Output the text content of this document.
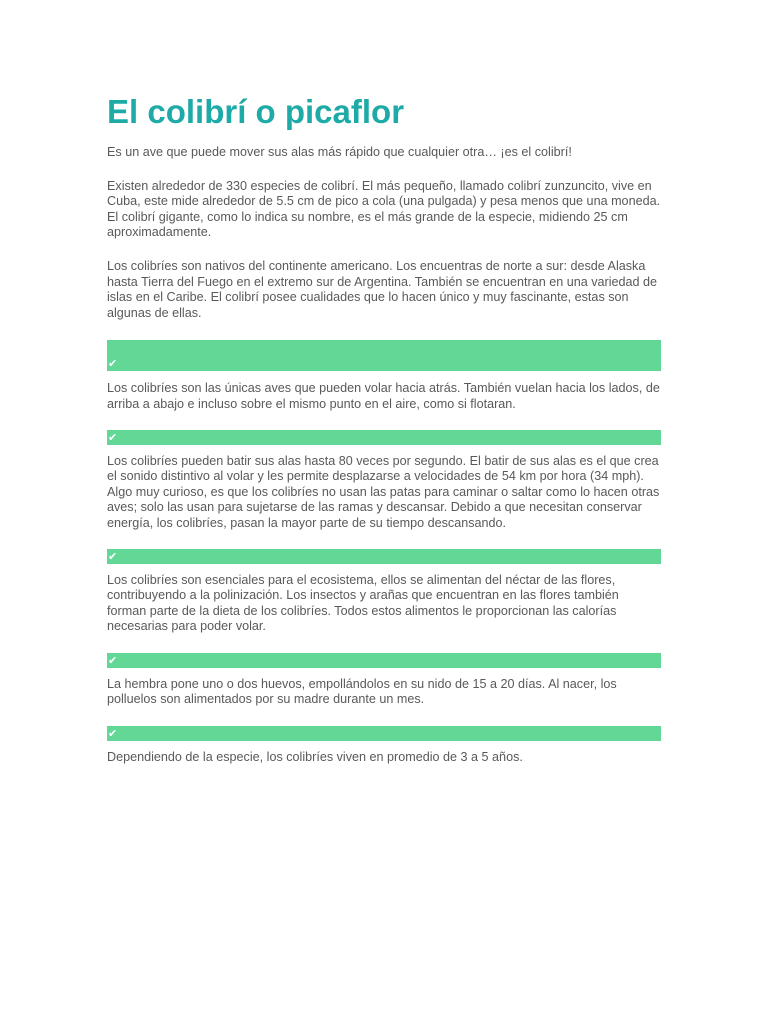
El colibrí o picaflor

Es un ave que puede mover sus alas más rápido que cualquier otra… ¡es el colibrí!

Existen alrededor de 330 especies de colibrí. El más pequeño, llamado colibrí zunzuncito, vive en Cuba, este mide alrededor de 5.5 cm de pico a cola (una pulgada) y pesa menos que una moneda. El colibrí gigante, como lo indica su nombre, es el más grande de la especie, midiendo 25 cm aproximadamente.

Los colibríes son nativos del continente americano. Los encuentras de norte a sur: desde Alaska hasta Tierra del Fuego en el extremo sur de Argentina. También se encuentran en una variedad de islas en el Caribe. El colibrí posee cualidades que lo hacen único y muy fascinante, estas son algunas de ellas.

✔

Los colibríes son las únicas aves que pueden volar hacia atrás. También vuelan hacia los lados, de arriba a abajo e incluso sobre el mismo punto en el aire, como si flotaran.

✔

Los colibríes pueden batir sus alas hasta 80 veces por segundo. El batir de sus alas es el que crea el sonido distintivo al volar y les permite desplazarse a velocidades de 54 km por hora (34 mph). Algo muy curioso, es que los colibríes no usan las patas para caminar o saltar como lo hacen otras aves; solo las usan para sujetarse de las ramas y descansar. Debido a que necesitan conservar energía, los colibríes, pasan la mayor parte de su tiempo descansando.

✔

Los colibríes son esenciales para el ecosistema, ellos se alimentan del néctar de las flores, contribuyendo a la polinización. Los insectos y arañas que encuentran en las flores también forman parte de la dieta de los colibríes. Todos estos alimentos le proporcionan las calorías necesarias para poder volar.

✔

La hembra pone uno o dos huevos, empollándolos en su nido de 15 a 20 días. Al nacer, los polluelos son alimentados por su madre durante un mes.

✔

Dependiendo de la especie, los colibríes viven en promedio de 3 a 5 años.
